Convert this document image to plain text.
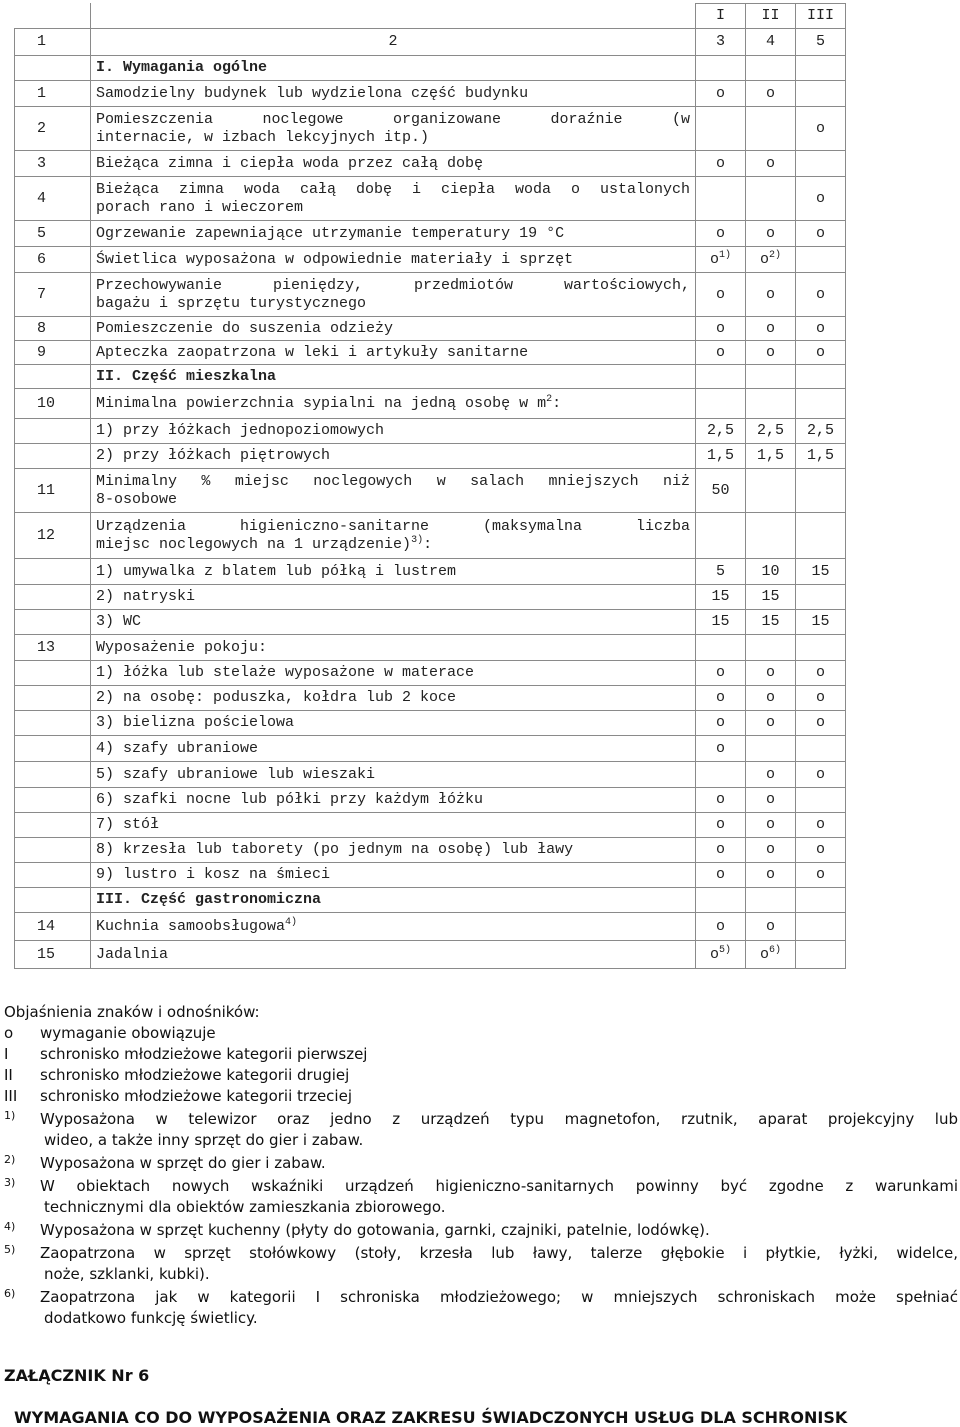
		I	II	III
1	2	3	4	5
	I. Wymagania ogólne			
1	Samodzielny budynek lub wydzielona część budynku	o	o	
2	Pomieszczenia noclegowe organizowane doraźnie (w
internacie, w izbach lekcyjnych itp.)			o
3	Bieżąca zimna i ciepła woda przez całą dobę	o	o	
4	Bieżąca zimna woda całą dobę i ciepła woda o ustalonych
porach rano i wieczorem			o
5	Ogrzewanie zapewniające utrzymanie temperatury 19 °C	o	o	o
6	Świetlica wyposażona w odpowiednie materiały i sprzęt	$o^{1)}$	$o^{2)}$	
7	Przechowywanie pieniędzy, przedmiotów wartościowych,
bagażu i sprzętu turystycznego	o	o	o
8	Pomieszczenie do suszenia odzieży	o	o	o
9	Apteczka zaopatrzona w leki i artykuły sanitarne	o	o	o
	II. Część mieszkalna			
10	Minimalna powierzchnia sypialni na jedną osobę w $m^2$:			
	1) przy łóżkach jednopoziomowych	2,5	2,5	2,5
	2) przy łóżkach piętrowych	1,5	1,5	1,5
11	Minimalny % miejsc noclegowych w salach mniejszych niż
8-osobowe	50		
12	Urządzenia higieniczno-sanitarne (maksymalna liczba
miejsc noclegowych na 1 urządzenie)$^{3)}$:			

	1) umywalka z blatem lub półką i lustrem	5	10	15
	2) natryski	15	15	
	3) WC	15	15	15
13	Wyposażenie pokoju:			
	1) łóżka lub stelaże wyposażone w materace	o	o	o
	2) na osobę: poduszka, kołdra lub 2 koce	o	o	o
	3) bielizna pościelowa	o	o	o
	4) szafy ubraniowe	o		
	5) szafy ubraniowe lub wieszaki		o	o
	6) szafki nocne lub półki przy każdym łóżku	o	o	
	7) stół	o	o	o
	8) krzesła lub taborety (po jednym na osobę) lub ławy	o	o	o
	9) lustro i kosz na śmieci	o	o	o
	III. Część gastronomiczna			
14	Kuchnia samoobsługowa$^{4)}$	o	o	
15	Jadalnia	$o^{5)}$	$o^{6)}$	
Objaśnienia znaków i odnośników:
o	wymaganie obowiązuje
I	schronisko młodzieżowe kategorii pierwszej
II	schronisko młodzieżowe kategorii drugiej
III	schronisko młodzieżowe kategorii trzeciej
1)	Wyposażona w telewizor oraz jedno z urządzeń typu magnetofon, rzutnik, aparat projekcyjny lub
wideo, a także inny sprzęt do gier i zabaw.
2)	Wyposażona w sprzęt do gier i zabaw.
3)	W obiektach nowych wskaźniki urządzeń higieniczno-sanitarnych powinny być zgodne z warunkami
technicznymi dla obiektów zamieszkania zbiorowego.
4)	Wyposażona w sprzęt kuchenny (płyty do gotowania, garnki, czajniki, patelnie, lodówkę).
5)	Zaopatrzona w sprzęt stołówkowy (stoły, krzesła lub ławy, talerze głębokie i płytkie, łyżki, widelce,
noże, szklanki, kubki).
6)	Zaopatrzona jak w kategorii I schroniska młodzieżowego; w mniejszych schroniskach może spełniać
dodatkowo funkcję świetlicy.
ZAŁĄCZNIK Nr 6
WYMAGANIA CO DO WYPOSAŻENIA ORAZ ZAKRESU ŚWIADCZONYCH USŁUG DLA SCHRONISK
